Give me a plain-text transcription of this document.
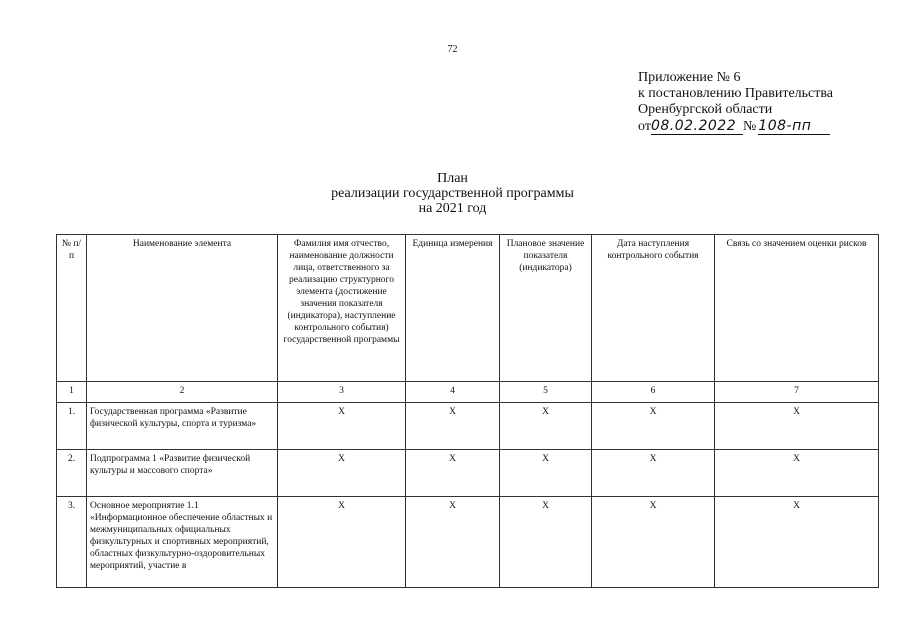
72
Приложение № 6
к постановлению Правительства
Оренбургской области
от08.02.2022 № 108-пп
План
реализации государственной программы
на 2021 год
№ п/п	Наименование элемента	Фамилия имя отчество, наименование должности лица, ответственного за реализацию структурного элемента (достижение значения показателя (индикатора), наступление контрольного события) государственной программы	Единица измерения	Плановое значение показателя (индикатора)	Дата наступления контрольного события	Связь со значением оценки рисков
1	2	3	4	5	6	7
1.	Государственная программа «Развитие физической культуры, спорта и туризма»	X	X	X	X	X
2.	Подпрограмма 1 «Развитие физической культуры и массового спорта»	X	X	X	X	X
3.	Основное мероприятие 1.1 «Информационное обеспечение областных и межмуниципальных официальных физкультурных и спортивных мероприятий, областных физкультурно-оздоровительных мероприятий, участие в	X	X	X	X	X
